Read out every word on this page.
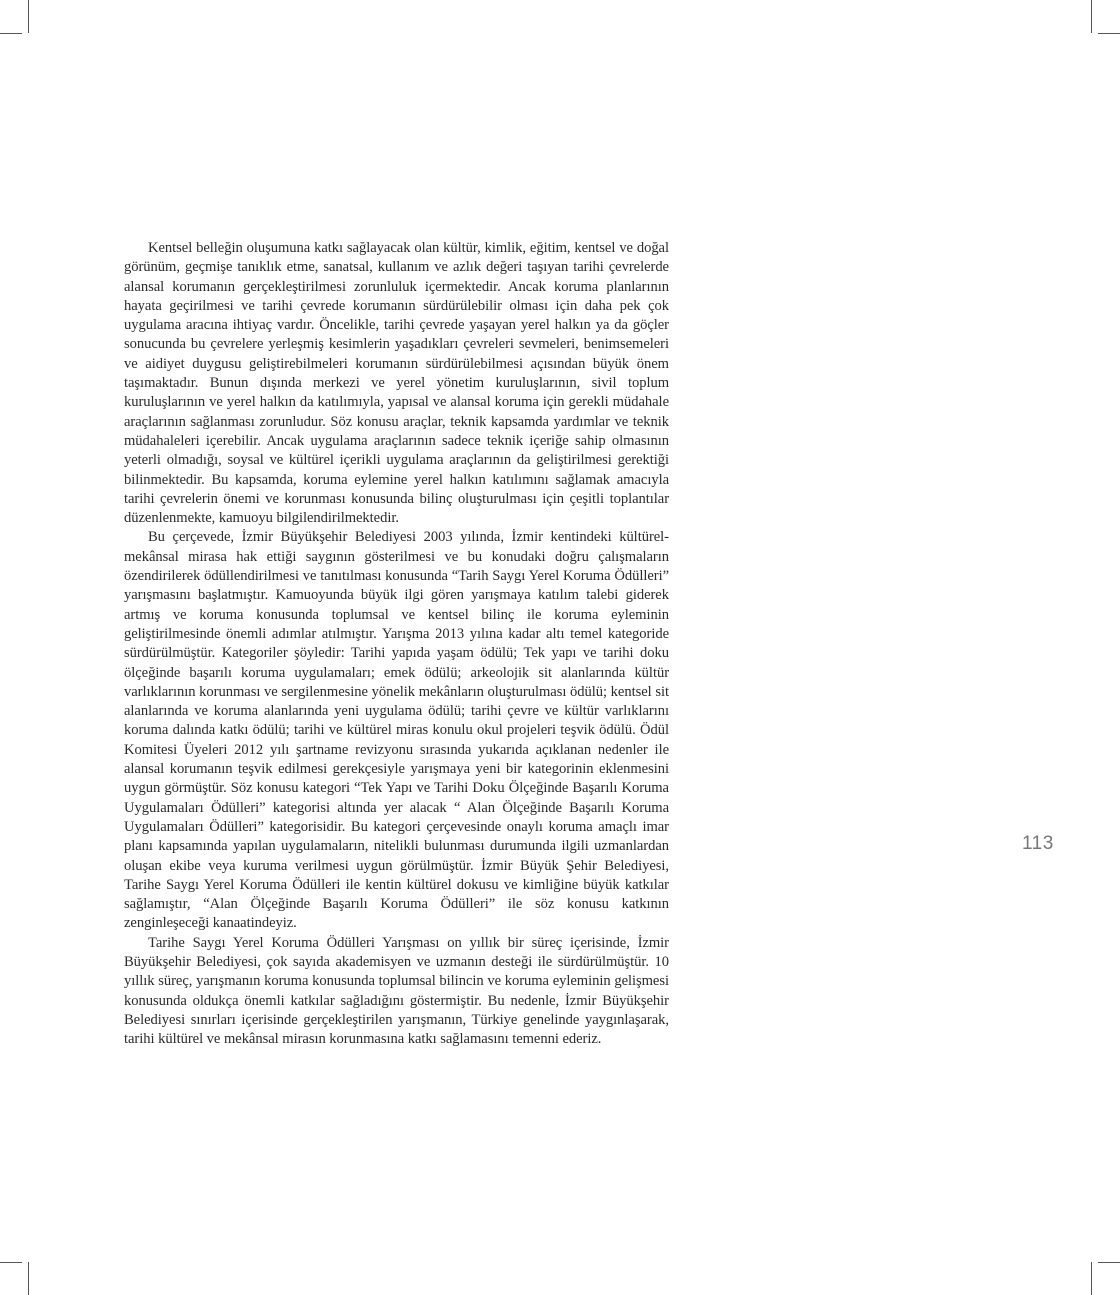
Kentsel belleğin oluşumuna katkı sağlayacak olan kültür, kimlik, eğitim, kentsel ve doğal görünüm, geçmişe tanıklık etme, sanatsal, kullanım ve azlık değeri taşıyan tarihi çevrelerde alansal korumanın gerçekleştirilmesi zorunluluk içermektedir. Ancak koruma planlarının hayata geçirilmesi ve tarihi çevrede korumanın sürdürülebilir olması için daha pek çok uygulama aracına ihtiyaç vardır. Öncelikle, tarihi çevrede yaşayan yerel halkın ya da göçler sonucunda bu çevrelere yerleşmiş kesimlerin yaşadıkları çevreleri sevmeleri, benimsemeleri ve aidiyet duygusu geliştirebilmeleri korumanın sürdürülebilmesi açısından büyük önem taşımaktadır. Bunun dışında merkezi ve yerel yönetim kuruluşlarının, sivil toplum kuruluşlarının ve yerel halkın da katılımıyla, yapısal ve alansal koruma için gerekli müdahale araçlarının sağlanması zorunludur. Söz konusu araçlar, teknik kapsamda yardımlar ve teknik müdahaleleri içerebilir. Ancak uygulama araçlarının sadece teknik içeriğe sahip olmasının yeterli olmadığı, soysal ve kültürel içerikli uygulama araçlarının da geliştirilmesi gerektiği bilinmektedir. Bu kapsamda, koruma eylemine yerel halkın katılımını sağlamak amacıyla tarihi çevrelerin önemi ve korunması konusunda bilinç oluşturulması için çeşitli toplantılar düzenlenmekte, kamuoyu bilgilendirilmektedir.

Bu çerçevede, İzmir Büyükşehir Belediyesi 2003 yılında, İzmir kentindeki kültürel-mekânsal mirasa hak ettiği saygının gösterilmesi ve bu konudaki doğru çalışmaların özendirilerek ödüllendirilmesi ve tanıtılması konusunda “Tarih Saygı Yerel Koruma Ödülleri” yarışmasını başlatmıştır. Kamuoyunda büyük ilgi gören yarışmaya katılım talebi giderek artmış ve koruma konusunda toplumsal ve kentsel bilinç ile koruma eyleminin geliştirilmesinde önemli adımlar atılmıştır. Yarışma 2013 yılına kadar altı temel kategoride sürdürülmüştür. Kategoriler şöyledir: Tarihi yapıda yaşam ödülü; Tek yapı ve tarihi doku ölçeğinde başarılı koruma uygulamaları; emek ödülü; arkeolojik sit alanlarında kültür varlıklarının korunması ve sergilenmesine yönelik mekânların oluşturulması ödülü; kentsel sit alanlarında ve koruma alanlarında yeni uygulama ödülü; tarihi çevre ve kültür varlıklarını koruma dalında katkı ödülü; tarihi ve kültürel miras konulu okul projeleri teşvik ödülü. Ödül Komitesi Üyeleri 2012 yılı şartname revizyonu sırasında yukarıda açıklanan nedenler ile alansal korumanın teşvik edilmesi gerekçesiyle yarışmaya yeni bir kategorinin eklenmesini uygun görmüştür. Söz konusu kategori “Tek Yapı ve Tarihi Doku Ölçeğinde Başarılı Koruma Uygulamaları Ödülleri” kategorisi altında yer alacak “ Alan Ölçeğinde Başarılı Koruma Uygulamaları Ödülleri” kategorisidir. Bu kategori çerçevesinde onaylı koruma amaçlı imar planı kapsamında yapılan uygulamaların, nitelikli bulunması durumunda ilgili uzmanlardan oluşan ekibe veya kuruma verilmesi uygun görülmüştür. İzmir Büyük Şehir Belediyesi, Tarihe Saygı Yerel Koruma Ödülleri ile kentin kültürel dokusu ve kimliğine büyük katkılar sağlamıştır, “Alan Ölçeğinde Başarılı Koruma Ödülleri” ile söz konusu katkının zenginleşeceği kanaatindeyiz.

Tarihe Saygı Yerel Koruma Ödülleri Yarışması on yıllık bir süreç içerisinde, İzmir Büyükşehir Belediyesi, çok sayıda akademisyen ve uzmanın desteği ile sürdürülmüştür. 10 yıllık süreç, yarışmanın koruma konusunda toplumsal bilincin ve koruma eyleminin gelişmesi konusunda oldukça önemli katkılar sağladığını göstermiştir. Bu nedenle, İzmir Büyükşehir Belediyesi sınırları içerisinde gerçekleştirilen yarışmanın, Türkiye genelinde yaygınlaşarak, tarihi kültürel ve mekânsal mirasın korunmasına katkı sağlamasını temenni ederiz.

113
